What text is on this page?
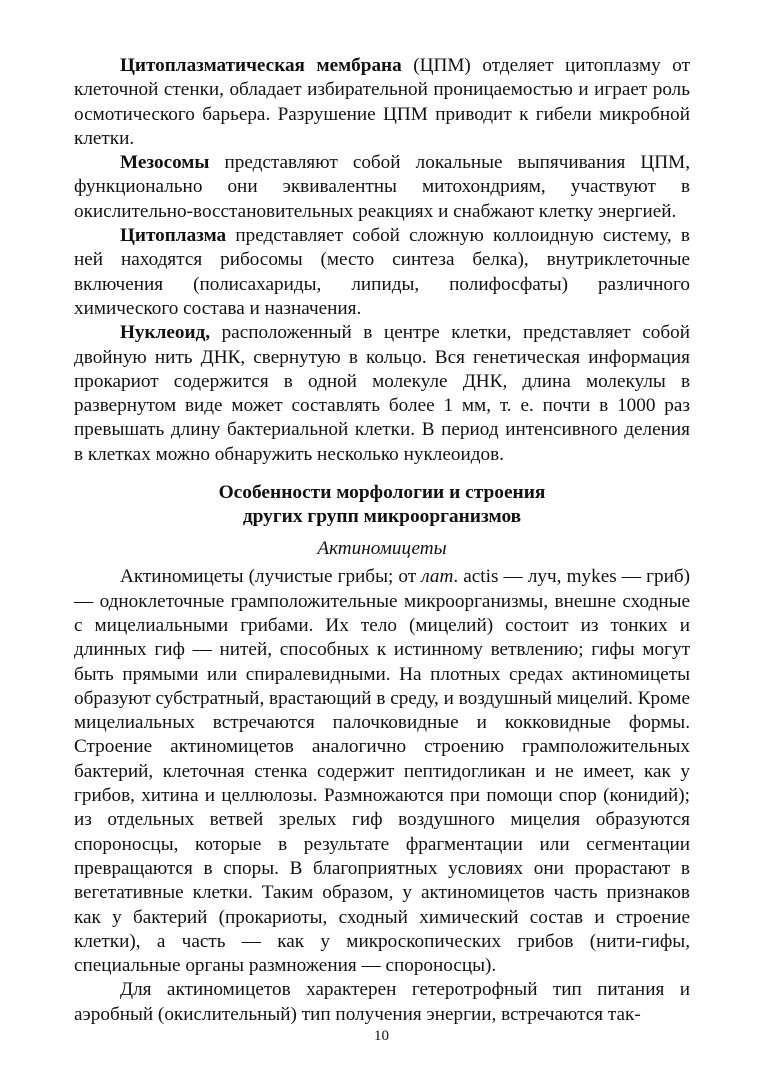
Цитоплазматическая мембрана (ЦПМ) отделяет цитоплазму от клеточной стенки, обладает избирательной проницаемостью и играет роль осмотического барьера. Разрушение ЦПМ приводит к гибели микробной клетки.

Мезосомы представляют собой локальные выпячивания ЦПМ, функционально они эквивалентны митохондриям, участвуют в окислительно-восстановительных реакциях и снабжают клетку энергией.

Цитоплазма представляет собой сложную коллоидную систему, в ней находятся рибосомы (место синтеза белка), внутриклеточные включения (полисахариды, липиды, полифосфаты) различного химического состава и назначения.

Нуклеоид, расположенный в центре клетки, представляет собой двойную нить ДНК, свернутую в кольцо. Вся генетическая информация прокариот содержится в одной молекуле ДНК, длина молекулы в развернутом виде может составлять более 1 мм, т. е. почти в 1000 раз превышать длину бактериальной клетки. В период интенсивного деления в клетках можно обнаружить несколько нуклеоидов.

Особенности морфологии и строения
других групп микроорганизмов
Актиномицеты

Актиномицеты (лучистые грибы; от лат. actis — луч, mykes — гриб) — одноклеточные грамположительные микроорганизмы, внешне сходные с мицелиальными грибами. Их тело (мицелий) состоит из тонких и длинных гиф — нитей, способных к истинному ветвлению; гифы могут быть прямыми или спиралевидными. На плотных средах актиномицеты образуют субстратный, врастающий в среду, и воздушный мицелий. Кроме мицелиальных встречаются палочковидные и кокковидные формы. Строение актиномицетов аналогично строению грамположительных бактерий, клеточная стенка содержит пептидогликан и не имеет, как у грибов, хитина и целлюлозы. Размножаются при помощи спор (конидий); из отдельных ветвей зрелых гиф воздушного мицелия образуются спороносцы, которые в результате фрагментации или сегментации превращаются в споры. В благоприятных условиях они прорастают в вегетативные клетки. Таким образом, у актиномицетов часть признаков как у бактерий (прокариоты, сходный химический состав и строение клетки), а часть — как у микроскопических грибов (нити-гифы, специальные органы размножения — спороносцы).

Для актиномицетов характерен гетеротрофный тип питания и аэробный (окислительный) тип получения энергии, встречаются так-

10
